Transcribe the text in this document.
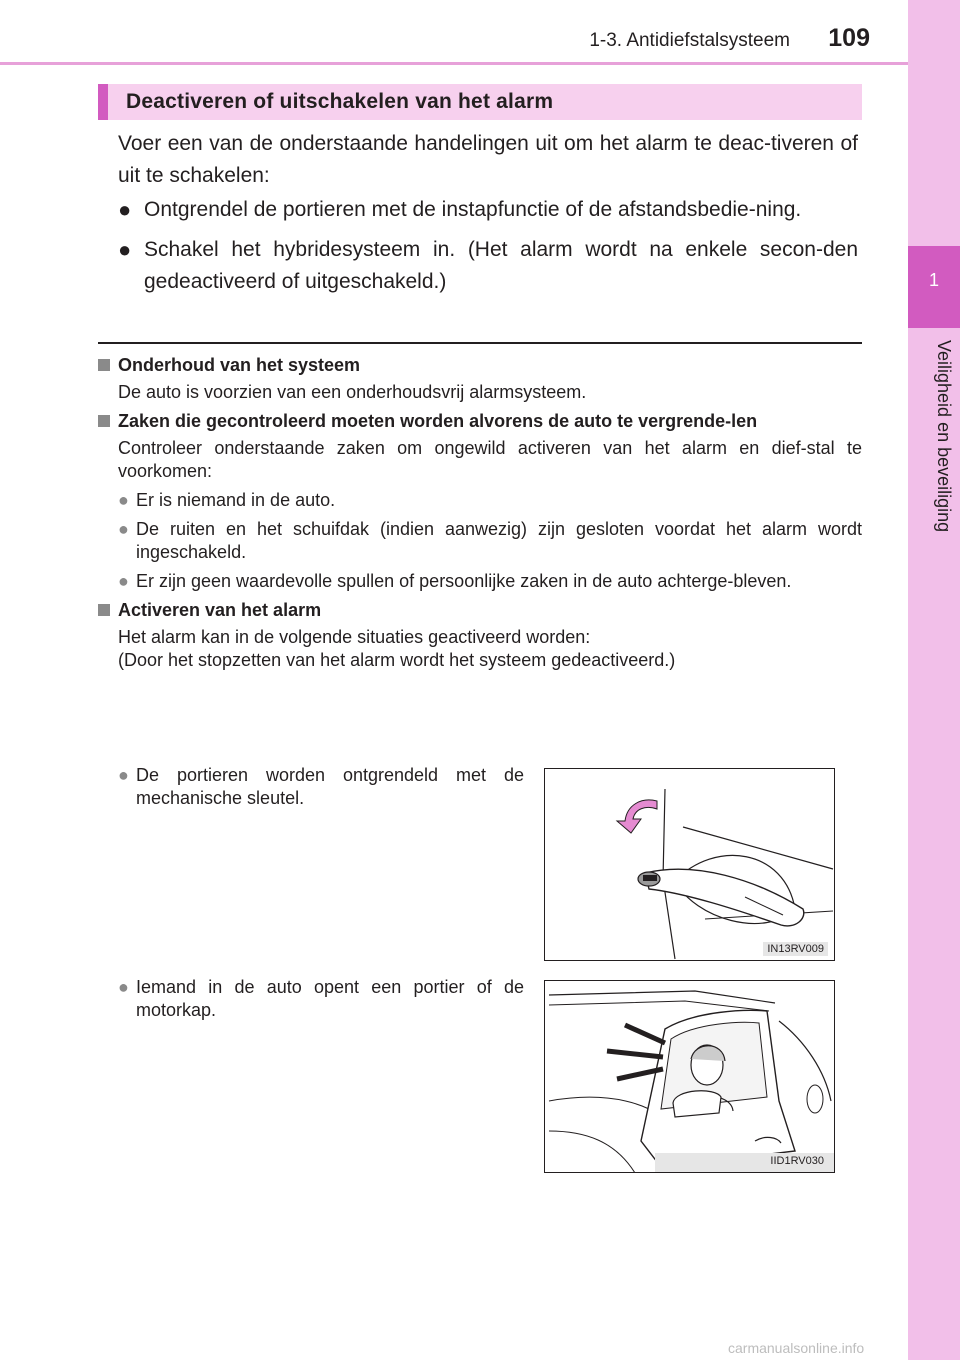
1-3. Antidiefstalsysteem 109
1
Veiligheid en beveiliging
Deactiveren of uitschakelen van het alarm
Voer een van de onderstaande handelingen uit om het alarm te deac-tiveren of uit te schakelen:
● Ontgrendel de portieren met de instapfunctie of de afstandsbedie-ning.
● Schakel het hybridesysteem in. (Het alarm wordt na enkele secon-den gedeactiveerd of uitgeschakeld.)
Onderhoud van het systeem
De auto is voorzien van een onderhoudsvrij alarmsysteem.
Zaken die gecontroleerd moeten worden alvorens de auto te vergrende-len
Controleer onderstaande zaken om ongewild activeren van het alarm en dief-stal te voorkomen:
● Er is niemand in de auto.
● De ruiten en het schuifdak (indien aanwezig) zijn gesloten voordat het alarm wordt ingeschakeld.
● Er zijn geen waardevolle spullen of persoonlijke zaken in de auto achterge-bleven.
Activeren van het alarm
Het alarm kan in de volgende situaties geactiveerd worden:
(Door het stopzetten van het alarm wordt het systeem gedeactiveerd.)
● De portieren worden ontgrendeld met de mechanische sleutel.
IN13RV009
● Iemand in de auto opent een portier of de motorkap.
IID1RV030
carmanualsonline.info
